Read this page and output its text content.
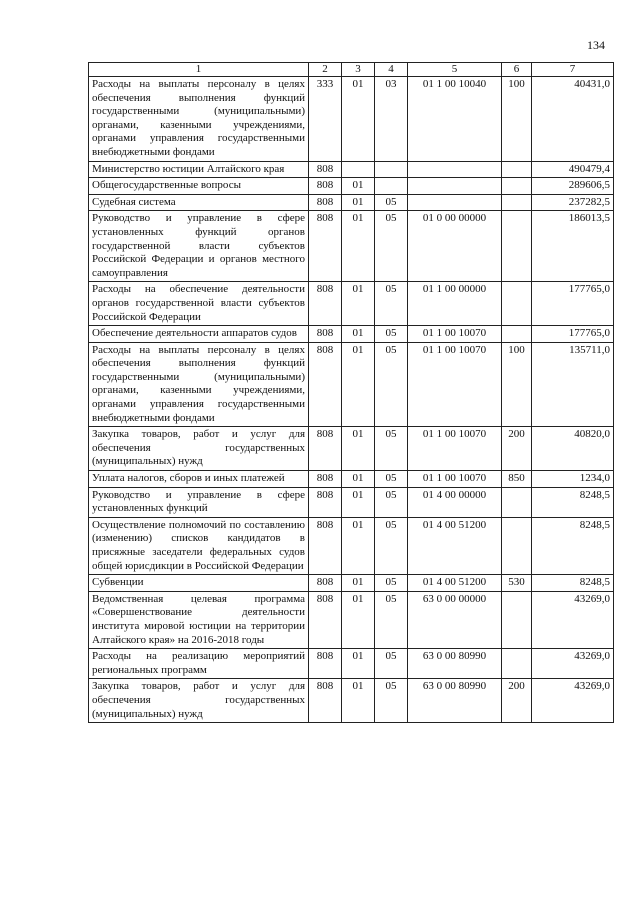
134
1	2	3	4	5	6	7
Расходы на выплаты персоналу в целях обеспечения выполнения функций государственными (муниципальными) органами, казенными учреждениями, органами управления государственными внебюджетными фондами	333	01	03	01 1 00 10040	100	40431,0
Министерство юстиции Алтайского края	808					490479,4
Общегосударственные вопросы	808	01				289606,5
Судебная система	808	01	05			237282,5
Руководство и управление в сфере установленных функций органов государственной власти субъектов Российской Федерации и органов местного самоуправления	808	01	05	01 0 00 00000		186013,5
Расходы на обеспечение деятельности органов государственной власти субъектов Российской Федерации	808	01	05	01 1 00 00000		177765,0
Обеспечение деятельности аппаратов судов	808	01	05	01 1 00 10070		177765,0
Расходы на выплаты персоналу в целях обеспечения выполнения функций государственными (муниципальными) органами, казенными учреждениями, органами управления государственными внебюджетными фондами	808	01	05	01 1 00 10070	100	135711,0
Закупка товаров, работ и услуг для обеспечения государственных (муниципальных) нужд	808	01	05	01 1 00 10070	200	40820,0
Уплата налогов, сборов и иных платежей	808	01	05	01 1 00 10070	850	1234,0
Руководство и управление в сфере установленных функций	808	01	05	01 4 00 00000		8248,5
Осуществление полномочий по составлению (изменению) списков кандидатов в присяжные заседатели федеральных судов общей юрисдикции в Российской Федерации	808	01	05	01 4 00 51200		8248,5
Субвенции	808	01	05	01 4 00 51200	530	8248,5
Ведомственная целевая программа «Совершенствование деятельности института мировой юстиции на территории Алтайского края» на 2016-2018 годы	808	01	05	63 0 00 00000		43269,0
Расходы на реализацию мероприятий региональных программ	808	01	05	63 0 00 80990		43269,0
Закупка товаров, работ и услуг для обеспечения государственных (муниципальных) нужд	808	01	05	63 0 00 80990	200	43269,0
